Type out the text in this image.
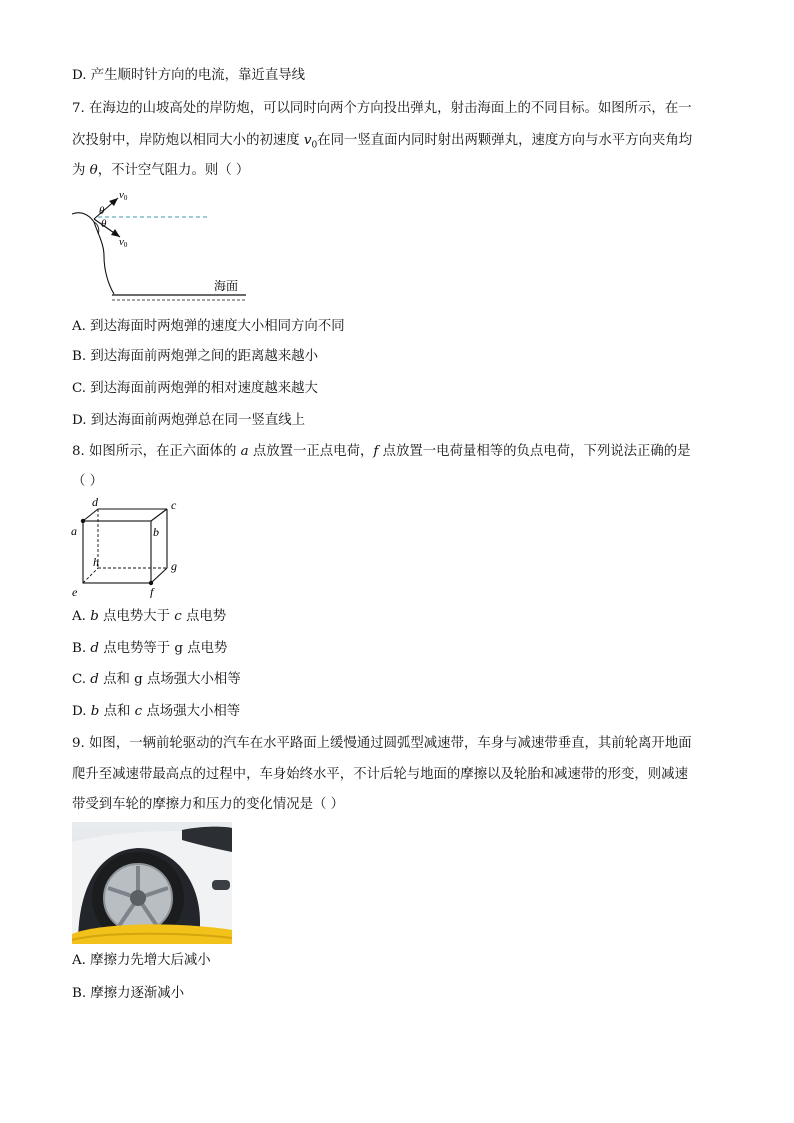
D. 产生顺时针方向的电流，靠近直导线
7. 在海边的山坡高处的岸防炮，可以同时向两个方向投出弹丸，射击海面上的不同目标。如图所示，在一
次投射中，岸防炮以相同大小的初速度 $v_0$在同一竖直面内同时射出两颗弹丸，速度方向与水平方向夹角均
为 θ，不计空气阻力。则（ ）
θ
θ
v0
v0
海面
A. 到达海面时两炮弹的速度大小相同方向不同
B. 到达海面前两炮弹之间的距离越来越小
C. 到达海面前两炮弹的相对速度越来越大
D. 到达海面前两炮弹总在同一竖直线上
8. 如图所示，在正六面体的 a 点放置一正点电荷，f 点放置一电荷量相等的负点电荷，下列说法正确的是
（ ）
a	b
c
d
e	f
g
h
A. b 点电势大于 c 点电势
B. d 点电势等于 g 点电势
C. d 点和 g 点场强大小相等
D. b 点和 c 点场强大小相等
9. 如图，一辆前轮驱动的汽车在水平路面上缓慢通过圆弧型减速带，车身与减速带垂直，其前轮离开地面
爬升至减速带最高点的过程中，车身始终水平，不计后轮与地面的摩擦以及轮胎和减速带的形变，则减速
带受到车轮的摩擦力和压力的变化情况是（ ）
A. 摩擦力先增大后减小
B. 摩擦力逐渐减小
